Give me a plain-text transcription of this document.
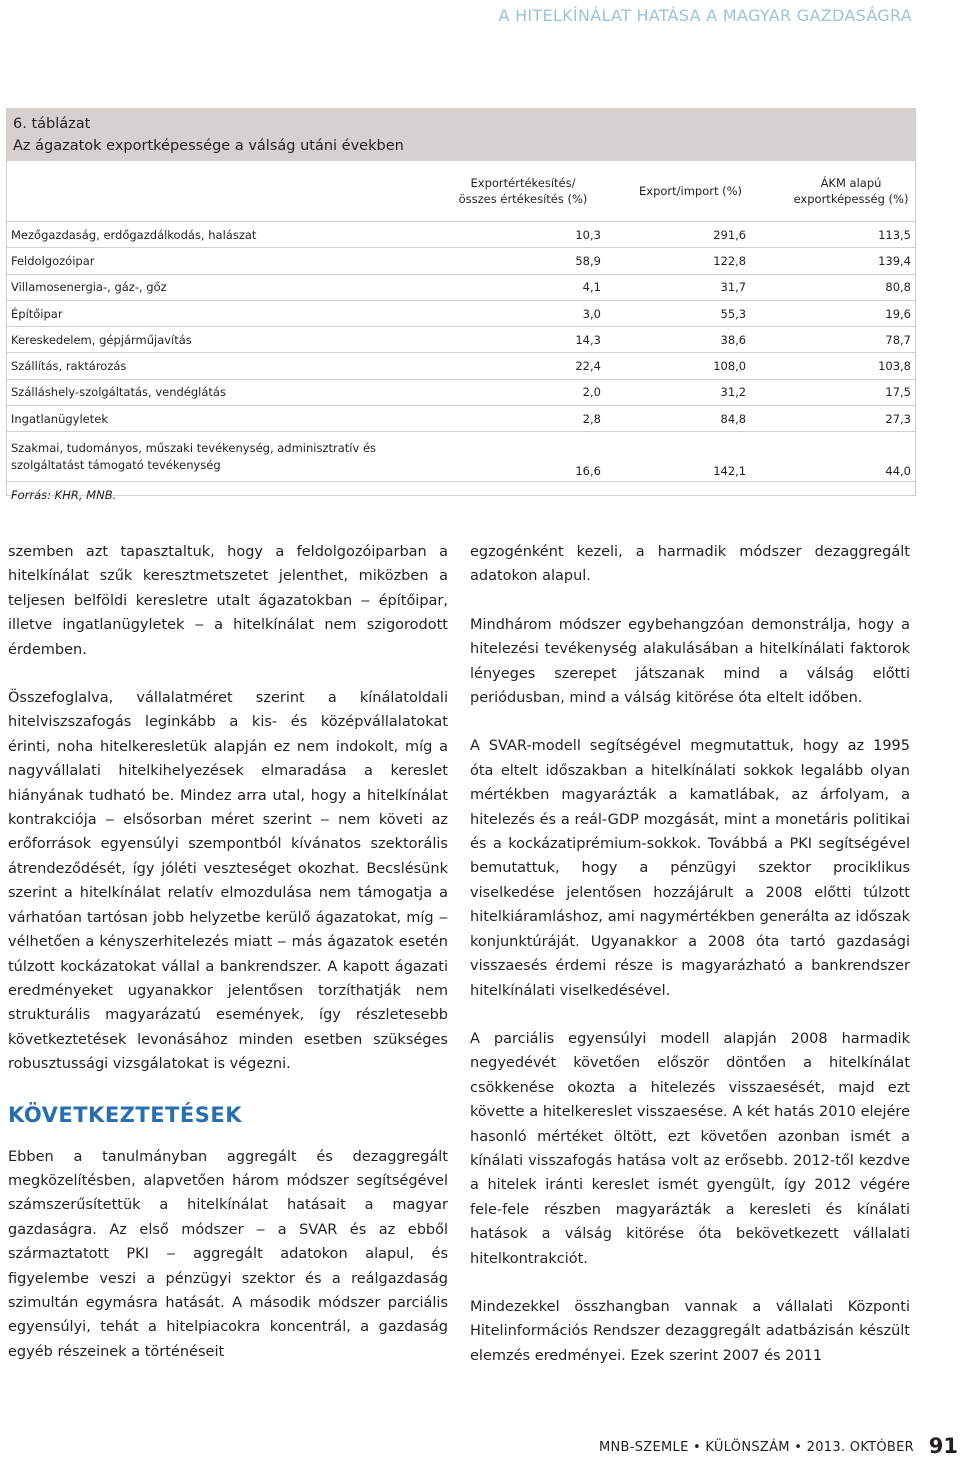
A HITELKÍNÁLAT HATÁSA A MAGYAR GAZDASÁGRA
6. táblázat
Az ágazatok exportképessége a válság utáni években

	Exportértékesítés/ összes értékesítés (%)	Export/import (%)	ÁKM alapú exportképesség (%)

Mezőgazdaság, erdőgazdálkodás, halászat	10,3	291,6	113,5
Feldolgozóipar	58,9	122,8	139,4
Villamosenergia-, gáz-, gőz	4,1	31,7	80,8
Építőipar	3,0	55,3	19,6
Kereskedelem, gépjárműjavítás	14,3	38,6	78,7
Szállítás, raktározás	22,4	108,0	103,8
Szálláshely-szolgáltatás, vendéglátás	2,0	31,2	17,5
Ingatlanügyletek	2,8	84,8	27,3

Szakmai, tudományos, műszaki tevékenység, adminisztratív és szolgáltatást támogató tevékenység	16,6	142,1	44,0
Forrás: KHR, MNB.

szemben azt tapasztaltuk, hogy a feldolgozóiparban a hitelkínálat szűk keresztmetszetet jelenthet, miközben a teljesen belföldi keresletre utalt ágazatokban ‒ építőipar, illetve ingatlanügyletek ‒ a hitelkínálat nem szigorodott érdemben.

Összefoglalva, vállalatméret szerint a kínálatoldali hitelviszszafogás leginkább a kis- és középvállalatokat érinti, noha hitelkeresletük alapján ez nem indokolt, míg a nagyvállalati hitelkihelyezések elmaradása a kereslet hiányának tudható be. Mindez arra utal, hogy a hitelkínálat kontrakciója ‒ elsősorban méret szerint ‒ nem követi az erőforrások egyensúlyi szempontból kívánatos szektorális átrendeződését, így jóléti veszteséget okozhat. Becslésünk szerint a hitelkínálat relatív elmozdulása nem támogatja a várhatóan tartósan jobb helyzetbe kerülő ágazatokat, míg ‒ vélhetően a kényszerhitelezés miatt ‒ más ágazatok esetén túlzott kockázatokat vállal a bankrendszer. A kapott ágazati eredményeket ugyanakkor jelentősen torzíthatják nem strukturális magyarázatú események, így részletesebb következtetések levonásához minden esetben szükséges robusztussági vizsgálatokat is végezni.

KÖVETKEZTETÉSEK

Ebben a tanulmányban aggregált és dezaggregált megközelítésben, alapvetően három módszer segítségével számszerűsítettük a hitelkínálat hatásait a magyar gazdaságra. Az első módszer ‒ a SVAR és az ebből származtatott PKI ‒ aggregált adatokon alapul, és figyelembe veszi a pénzügyi szektor és a reálgazdaság szimultán egymásra hatását. A második módszer parciális egyensúlyi, tehát a hitelpiacokra koncentrál, a gazdaság egyéb részeinek a történéseit

egzogénként kezeli, a harmadik módszer dezaggregált adatokon alapul.

Mindhárom módszer egybehangzóan demonstrálja, hogy a hitelezési tevékenység alakulásában a hitelkínálati faktorok lényeges szerepet játszanak mind a válság előtti periódusban, mind a válság kitörése óta eltelt időben.

A SVAR-modell segítségével megmutattuk, hogy az 1995 óta eltelt időszakban a hitelkínálati sokkok legalább olyan mértékben magyarázták a kamatlábak, az árfolyam, a hitelezés és a reál-GDP mozgását, mint a monetáris politikai és a kockázatiprémium-sokkok. Továbbá a PKI segítségével bemutattuk, hogy a pénzügyi szektor prociklikus viselkedése jelentősen hozzájárult a 2008 előtti túlzott hitelkiáramláshoz, ami nagymértékben generálta az időszak konjunktúráját. Ugyanakkor a 2008 óta tartó gazdasági visszaesés érdemi része is magyarázható a bankrendszer hitelkínálati viselkedésével.

A parciális egyensúlyi modell alapján 2008 harmadik negyedévét követően először döntően a hitelkínálat csökkenése okozta a hitelezés visszaesését, majd ezt követte a hitelkereslet visszaesése. A két hatás 2010 elejére hasonló mértéket öltött, ezt követően azonban ismét a kínálati visszafogás hatása volt az erősebb. 2012-től kezdve a hitelek iránti kereslet ismét gyengült, így 2012 végére fele-fele részben magyarázták a keresleti és kínálati hatások a válság kitörése óta bekövetkezett vállalati hitelkontrakciót.

Mindezekkel összhangban vannak a vállalati Központi Hitelinformációs Rendszer dezaggregált adatbázisán készült elemzés eredményei. Ezek szerint 2007 és 2011

MNB-SZEMLE • KÜLÖNSZÁM • 2013. OKTÓBER 91
